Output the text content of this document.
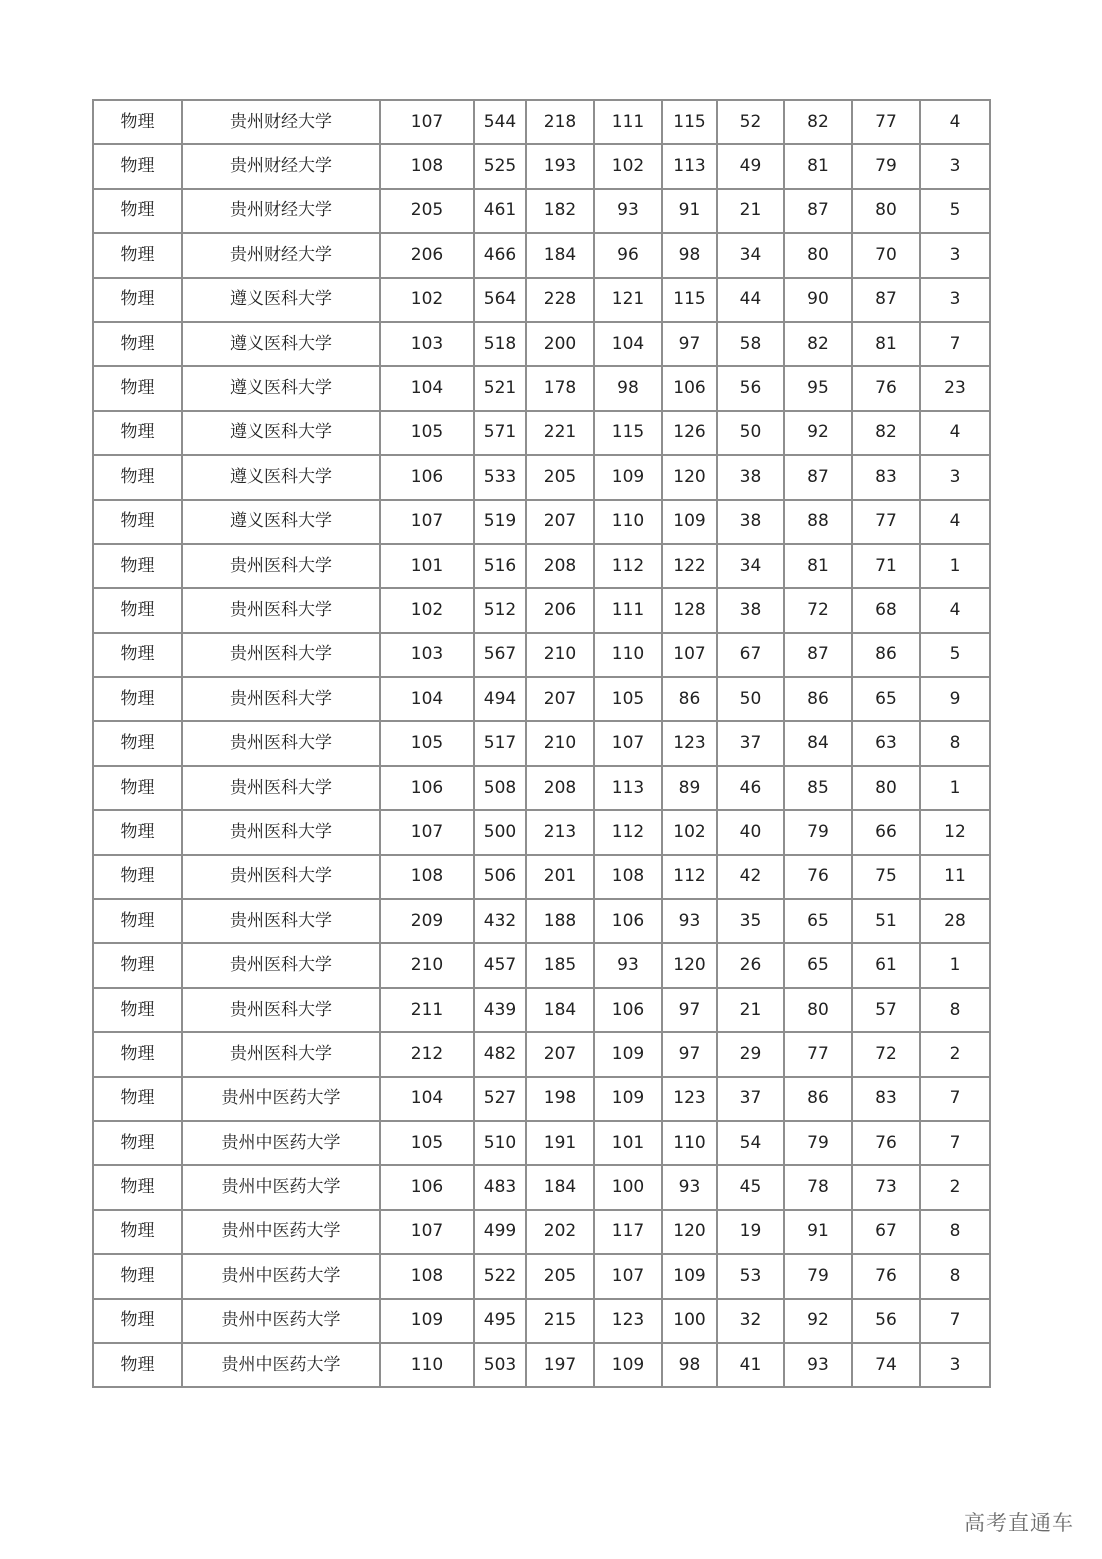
物理	贵州财经大学	107	544	218	111	115	52	82	77	4
物理	贵州财经大学	108	525	193	102	113	49	81	79	3
物理	贵州财经大学	205	461	182	93	91	21	87	80	5
物理	贵州财经大学	206	466	184	96	98	34	80	70	3
物理	遵义医科大学	102	564	228	121	115	44	90	87	3
物理	遵义医科大学	103	518	200	104	97	58	82	81	7
物理	遵义医科大学	104	521	178	98	106	56	95	76	23
物理	遵义医科大学	105	571	221	115	126	50	92	82	4
物理	遵义医科大学	106	533	205	109	120	38	87	83	3
物理	遵义医科大学	107	519	207	110	109	38	88	77	4
物理	贵州医科大学	101	516	208	112	122	34	81	71	1
物理	贵州医科大学	102	512	206	111	128	38	72	68	4
物理	贵州医科大学	103	567	210	110	107	67	87	86	5
物理	贵州医科大学	104	494	207	105	86	50	86	65	9
物理	贵州医科大学	105	517	210	107	123	37	84	63	8
物理	贵州医科大学	106	508	208	113	89	46	85	80	1
物理	贵州医科大学	107	500	213	112	102	40	79	66	12
物理	贵州医科大学	108	506	201	108	112	42	76	75	11
物理	贵州医科大学	209	432	188	106	93	35	65	51	28
物理	贵州医科大学	210	457	185	93	120	26	65	61	1
物理	贵州医科大学	211	439	184	106	97	21	80	57	8
物理	贵州医科大学	212	482	207	109	97	29	77	72	2
物理	贵州中医药大学	104	527	198	109	123	37	86	83	7
物理	贵州中医药大学	105	510	191	101	110	54	79	76	7
物理	贵州中医药大学	106	483	184	100	93	45	78	73	2
物理	贵州中医药大学	107	499	202	117	120	19	91	67	8
物理	贵州中医药大学	108	522	205	107	109	53	79	76	8
物理	贵州中医药大学	109	495	215	123	100	32	92	56	7
物理	贵州中医药大学	110	503	197	109	98	41	93	74	3
高考直通车
